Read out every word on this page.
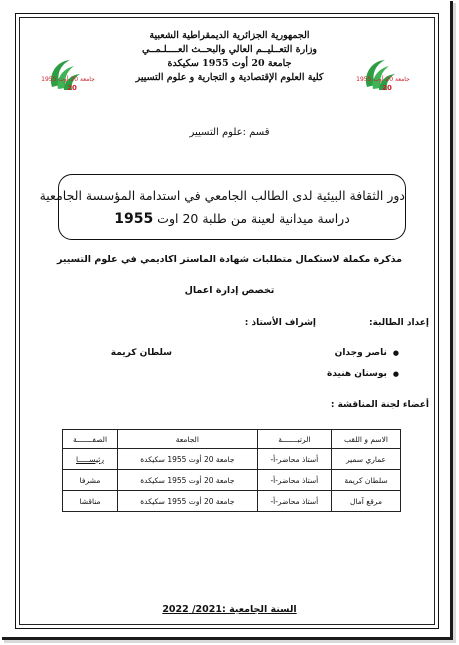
الجمهورية الجزائرية الديمقراطية الشعبية
وزارة التعــليــم العالي والبحــث العــــلـمــي
جامعة 20 أوت 1955 سكيكدة
كلية العلوم الإقتصادية و التجارية و علوم التسيير
جامعة 20 أوت 1955
20
جامعة 20 أوت 1955
20
قسم :علوم التسيير
دور الثقافة البيئية لدى الطالب الجامعي في استدامة المؤسسة الجامعية
دراسة ميدانية لعينة من طلبة 20 اوت 1955
مذكرة مكملة لاستكمال متطلبات شهادة الماستر اكاديمي في علوم التسيير
تخصص إدارة اعمال
إعداد الطالبة:
إشراف الأستاذ :
● ناصر وجدان
● بوسنان هنيدة
سلطان كريمة
أعضاء لجنة المناقشة :
الاسم و اللقب	الرتبـــــــة	الجامعة	الصفـــــــة
عماري سمير	أستاذ محاضر-أ-	جامعة 20 أوت 1955 سكيكدة	رئيســـــا
سلطان كريمة	أستاذ محاضر-أ-	جامعة 20 أوت 1955 سكيكدة	مشرفا
مرقع آمال	أستاذ محاضر-أ-	جامعة 20 أوت 1955 سكيكدة	مناقشا
السنة الجامعية :2021/ 2022
